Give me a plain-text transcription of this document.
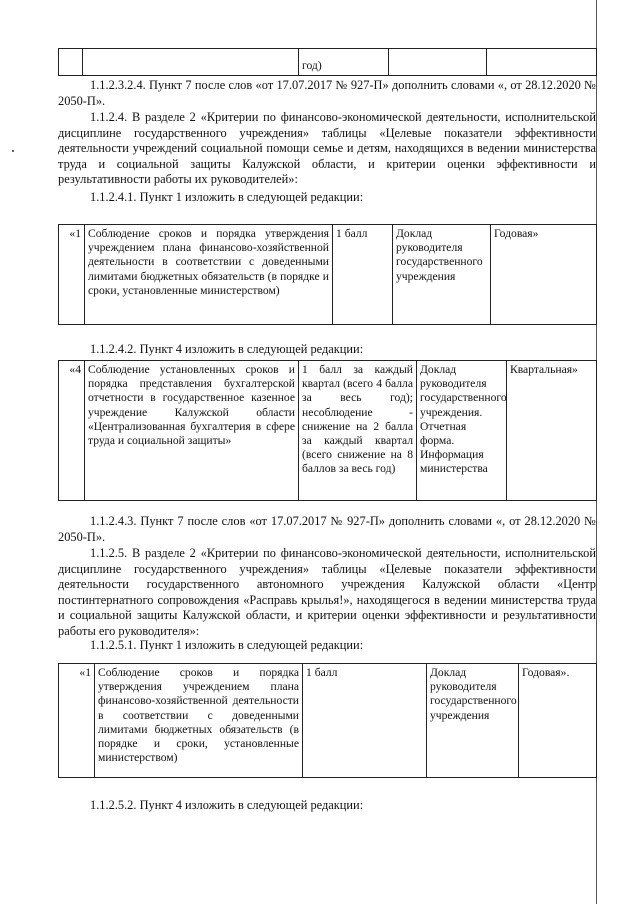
		год)		

1.1.2.3.2.4. Пункт 7 после слов «от 17.07.2017 № 927-П» дополнить словами «, от 28.12.2020 № 2050-П».

1.1.2.4. В разделе 2 «Критерии по финансово-экономической деятельности, исполнительской дисциплине государственного учреждения» таблицы «Целевые показатели эффективности деятельности учреждений социальной помощи семье и детям, находящихся в ведении министерства труда и социальной защиты Калужской области, и критерии оценки эффективности и результативности работы их руководителей»:

1.1.2.4.1. Пункт 1 изложить в следующей редакции:

«1	Соблюдение сроков и порядка утверждения учреждением плана финансово-хозяйственной деятельности в соответствии с доведенными лимитами бюджетных обязательств (в порядке и сроки, установленные министерством)	1 балл	Доклад руководителя государственного учреждения	Годовая»

1.1.2.4.2. Пункт 4 изложить в следующей редакции:

«4	Соблюдение установленных сроков и порядка представления бухгалтерской отчетности в государственное казенное учреждение Калужской области «Централизованная бухгалтерия в сфере труда и социальной защиты»	1 балл за каждый квартал (всего 4 балла за весь год); несоблюдение - снижение на 2 балла за каждый квартал (всего снижение на 8 баллов за весь год)	Доклад руководителя государственного учреждения. Отчетная форма. Информация министерства	Квартальная»

1.1.2.4.3. Пункт 7 после слов «от 17.07.2017 № 927-П» дополнить словами «, от 28.12.2020 № 2050-П».

1.1.2.5. В разделе 2 «Критерии по финансово-экономической деятельности, исполнительской дисциплине государственного учреждения» таблицы «Целевые показатели эффективности деятельности государственного автономного учреждения Калужской области «Центр постинтернатного сопровождения «Расправь крылья!», находящегося в ведении министерства труда и социальной защиты Калужской области, и критерии оценки эффективности и результативности работы его руководителя»:

1.1.2.5.1. Пункт 1 изложить в следующей редакции:

«1	Соблюдение сроков и порядка утверждения учреждением плана финансово-хозяйственной деятельности в соответствии с доведенными лимитами бюджетных обязательств (в порядке и сроки, установленные министерством)	1 балл	Доклад руководителя государственного учреждения	Годовая».

1.1.2.5.2. Пункт 4 изложить в следующей редакции:
